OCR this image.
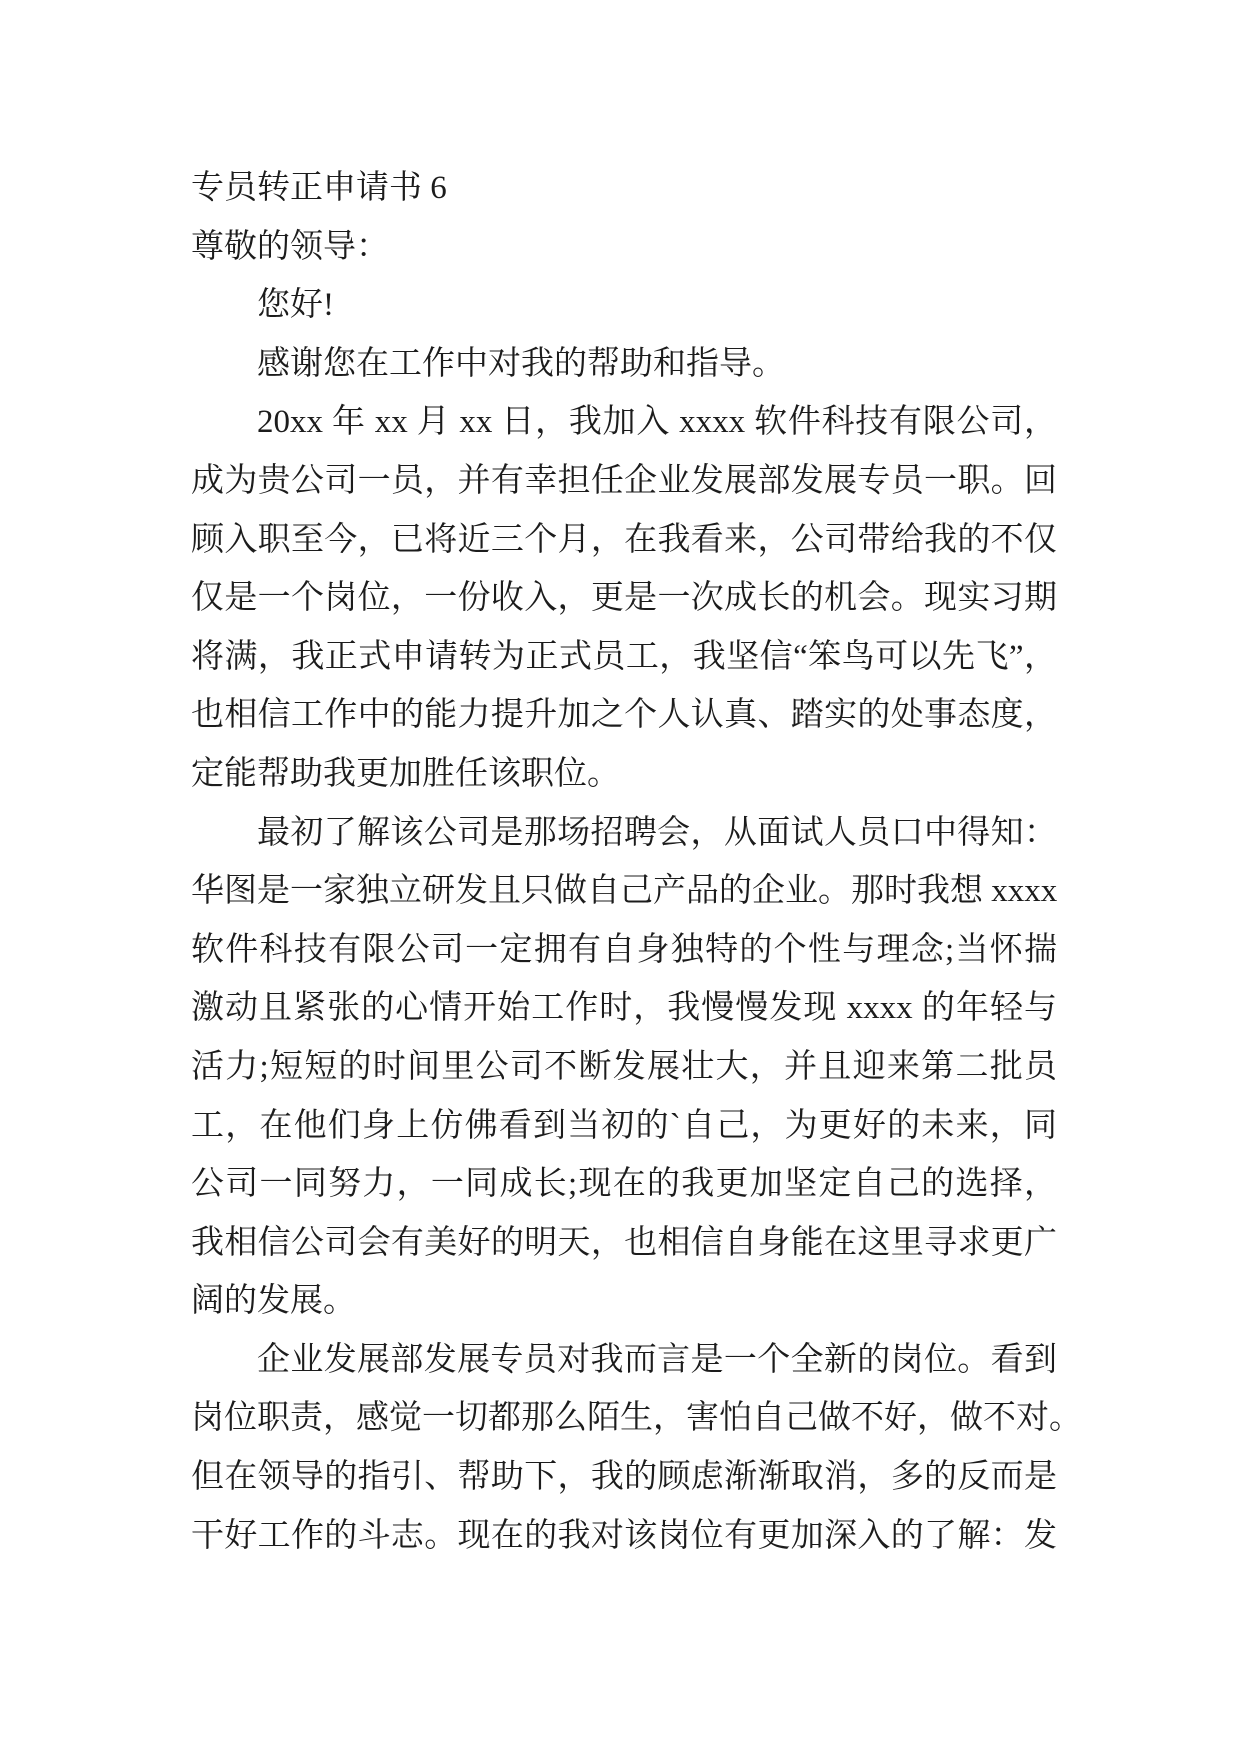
专员转正申请书 6
尊敬的领导：
您好!
感谢您在工作中对我的帮助和指导。
20xx 年 xx 月 xx 日，我加入 xxxx 软件科技有限公司，
成为贵公司一员，并有幸担任企业发展部发展专员一职。回
顾入职至今，已将近三个月，在我看来，公司带给我的不仅
仅是一个岗位，一份收入，更是一次成长的机会。现实习期
将满，我正式申请转为正式员工，我坚信“笨鸟可以先飞”，
也相信工作中的能力提升加之个人认真、踏实的处事态度，
定能帮助我更加胜任该职位。
最初了解该公司是那场招聘会，从面试人员口中得知：
华图是一家独立研发且只做自己产品的企业。那时我想 xxxx
软件科技有限公司一定拥有自身独特的个性与理念;当怀揣
激动且紧张的心情开始工作时，我慢慢发现 xxxx 的年轻与
活力;短短的时间里公司不断发展壮大，并且迎来第二批员
工，在他们身上仿佛看到当初的`自己，为更好的未来，同
公司一同努力，一同成长;现在的我更加坚定自己的选择，
我相信公司会有美好的明天，也相信自身能在这里寻求更广
阔的发展。
企业发展部发展专员对我而言是一个全新的岗位。看到
岗位职责，感觉一切都那么陌生，害怕自己做不好，做不对。
但在领导的指引、帮助下，我的顾虑渐渐取消，多的反而是
干好工作的斗志。现在的我对该岗位有更加深入的了解：发
